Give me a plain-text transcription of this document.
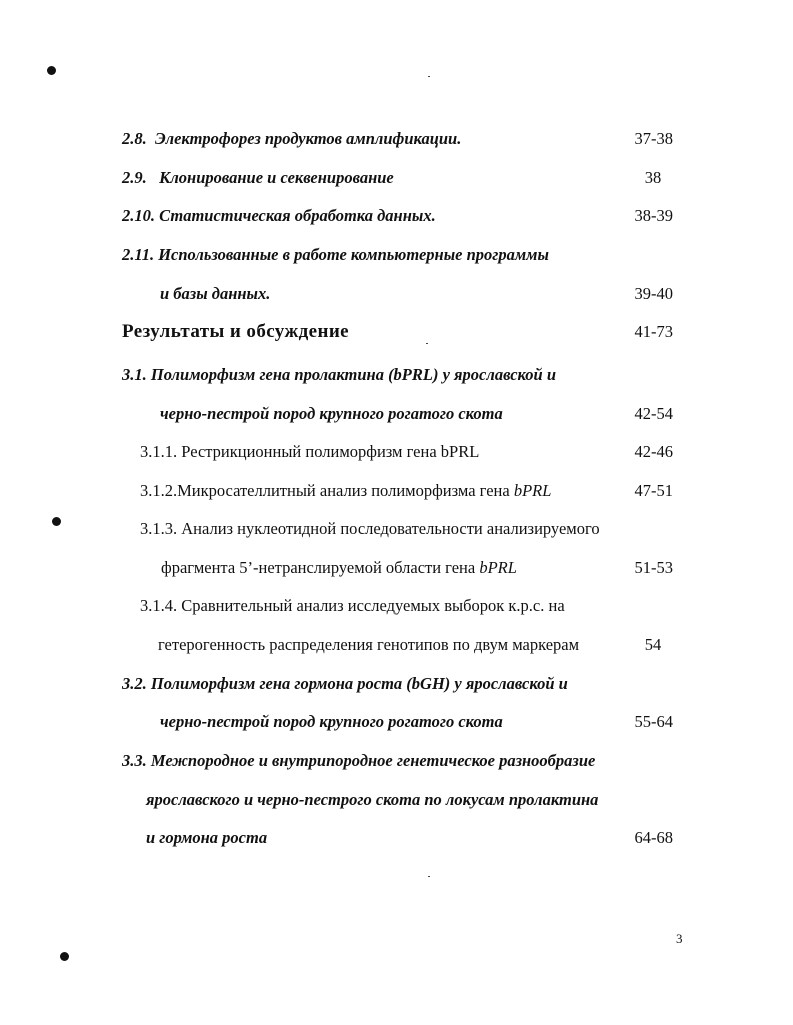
2.8. Электрофорез продуктов амплификации.	37-38
2.9. Клонирование и секвенирование	38
2.10. Статистическая обработка данных.	38-39
2.11. Использованные в работе компьютерные программы
и базы данных.	39-40
Результаты и обсуждение	41-73
3.1. Полиморфизм гена пролактина (bPRL) у ярославской и
черно-пестрой пород крупного рогатого скота	42-54
3.1.1. Рестрикционный полиморфизм гена bPRL	42-46
3.1.2.Микросателлитный анализ полиморфизма гена bPRL	47-51
3.1.3. Анализ нуклеотидной последовательности анализируемого
фрагмента 5’-нетранслируемой области гена bPRL	51-53
3.1.4. Сравнительный анализ исследуемых выборок к.р.с. на
гетерогенность распределения генотипов по двум маркерам	54
3.2. Полиморфизм гена гормона роста (bGH) у ярославской и
черно-пестрой пород крупного рогатого скота	55-64
3.3. Межпородное и внутрипородное генетическое разнообразие
ярославского и черно-пестрого скота по локусам пролактина
и гормона роста	64-68
3
